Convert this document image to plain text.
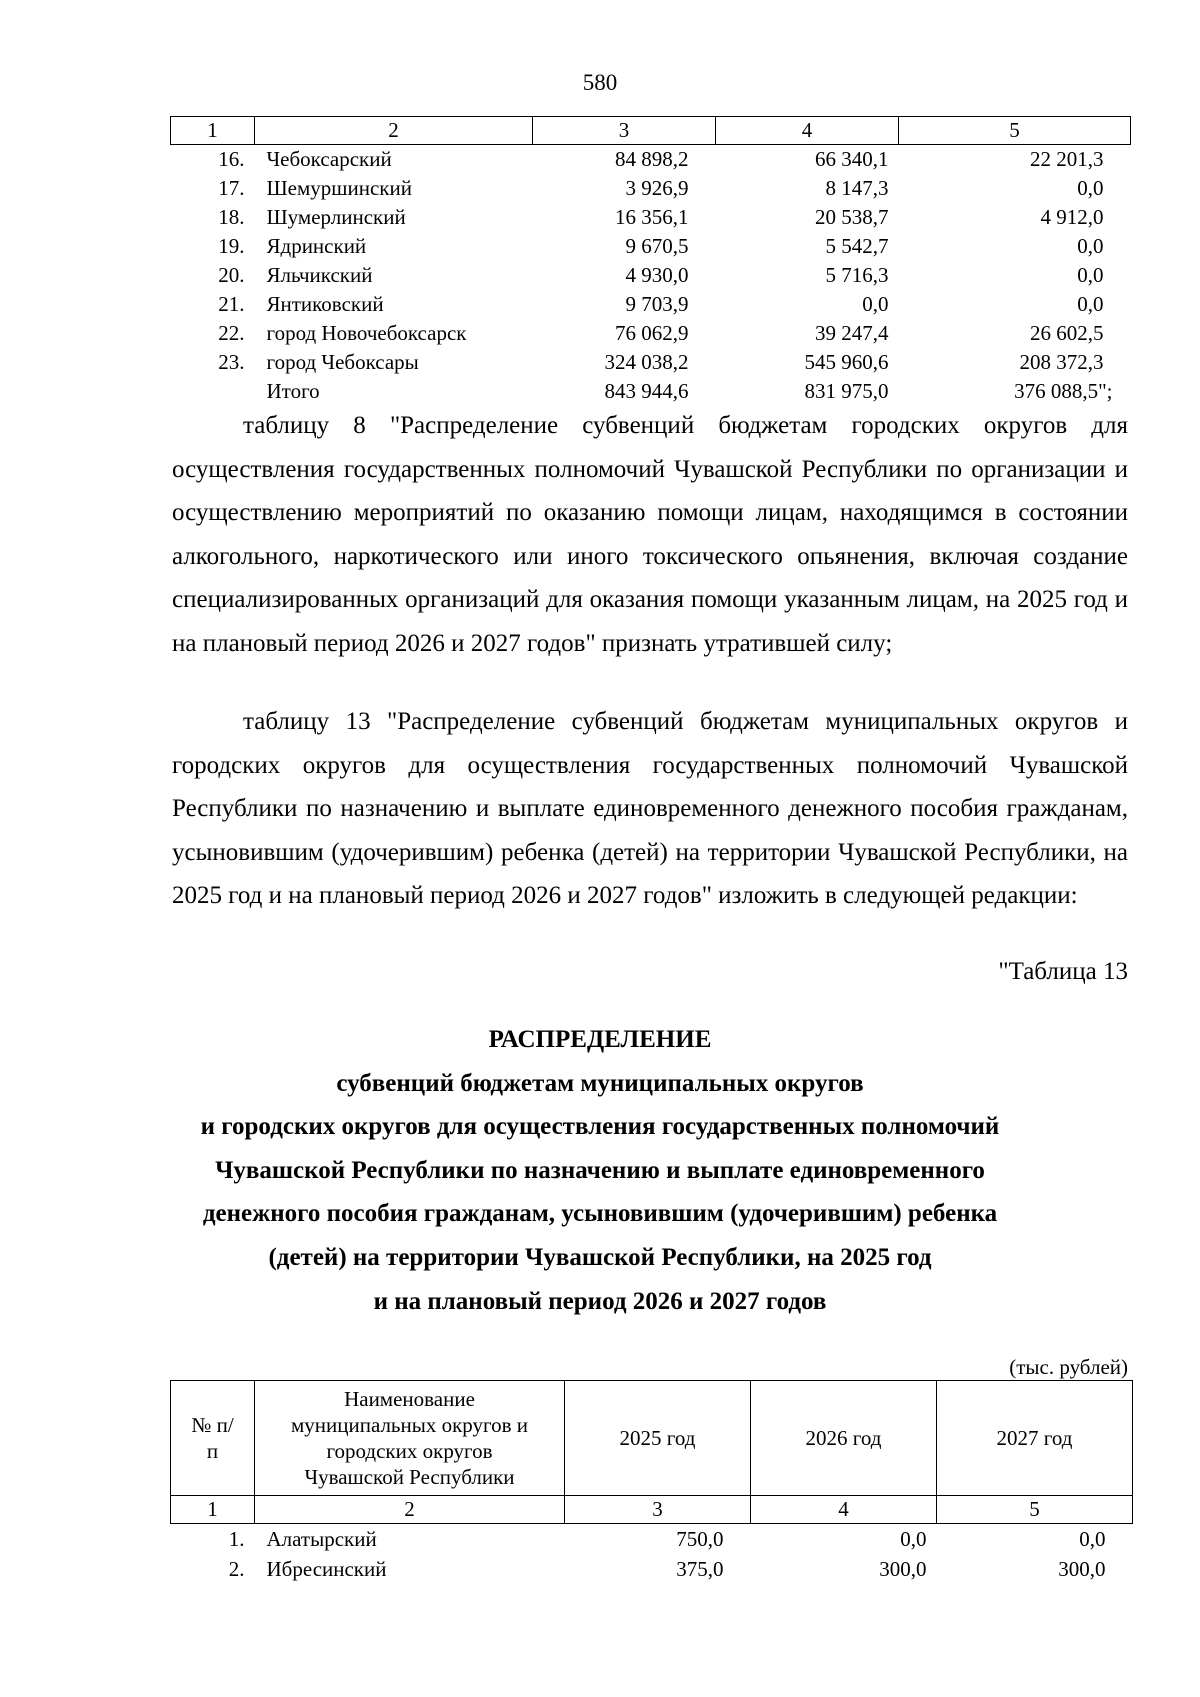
580
1	2	3	4	5
16.	Чебоксарский	84 898,2	66 340,1	22 201,3
17.	Шемуршинский	3 926,9	8 147,3	0,0
18.	Шумерлинский	16 356,1	20 538,7	4 912,0
19.	Ядринский	9 670,5	5 542,7	0,0
20.	Яльчикский	4 930,0	5 716,3	0,0
21.	Янтиковский	9 703,9	0,0	0,0
22.	город Новочебоксарск	76 062,9	39 247,4	26 602,5
23.	город Чебоксары	324 038,2	545 960,6	208 372,3
	Итого	843 944,6	831 975,0	376 088,5";

таблицу 8 "Распределение субвенций бюджетам городских округов для осуществления государственных полномочий Чувашской Республики по организации и осуществлению мероприятий по оказанию помощи лицам, находящимся в состоянии алкогольного, наркотического или иного токсического опьянения, включая создание специализированных организаций для оказания помощи указанным лицам, на 2025 год и на плановый период 2026 и 2027 годов" признать утратившей силу;

таблицу 13 "Распределение субвенций бюджетам муниципальных округов и городских округов для осуществления государственных полномочий Чувашской Республики по назначению и выплате единовременного денежного пособия гражданам, усыновившим (удочерившим) ребенка (детей) на территории Чувашской Республики, на 2025 год и на плановый период 2026 и 2027 годов" изложить в следующей редакции:

"Таблица 13
РАСПРЕДЕЛЕНИЕ
субвенций бюджетам муниципальных округов
и городских округов для осуществления государственных полномочий
Чувашской Республики по назначению и выплате единовременного
денежного пособия гражданам, усыновившим (удочерившим) ребенка
(детей) на территории Чувашской Республики, на 2025 год
и на плановый период 2026 и 2027 годов
(тыс. рублей)
№ п/п	Наименование муниципальных округов и городских округов Чувашской Республики	2025 год	2026 год	2027 год
1	2	3	4	5
1.	Алатырский	750,0	0,0	0,0
2.	Ибресинский	375,0	300,0	300,0
